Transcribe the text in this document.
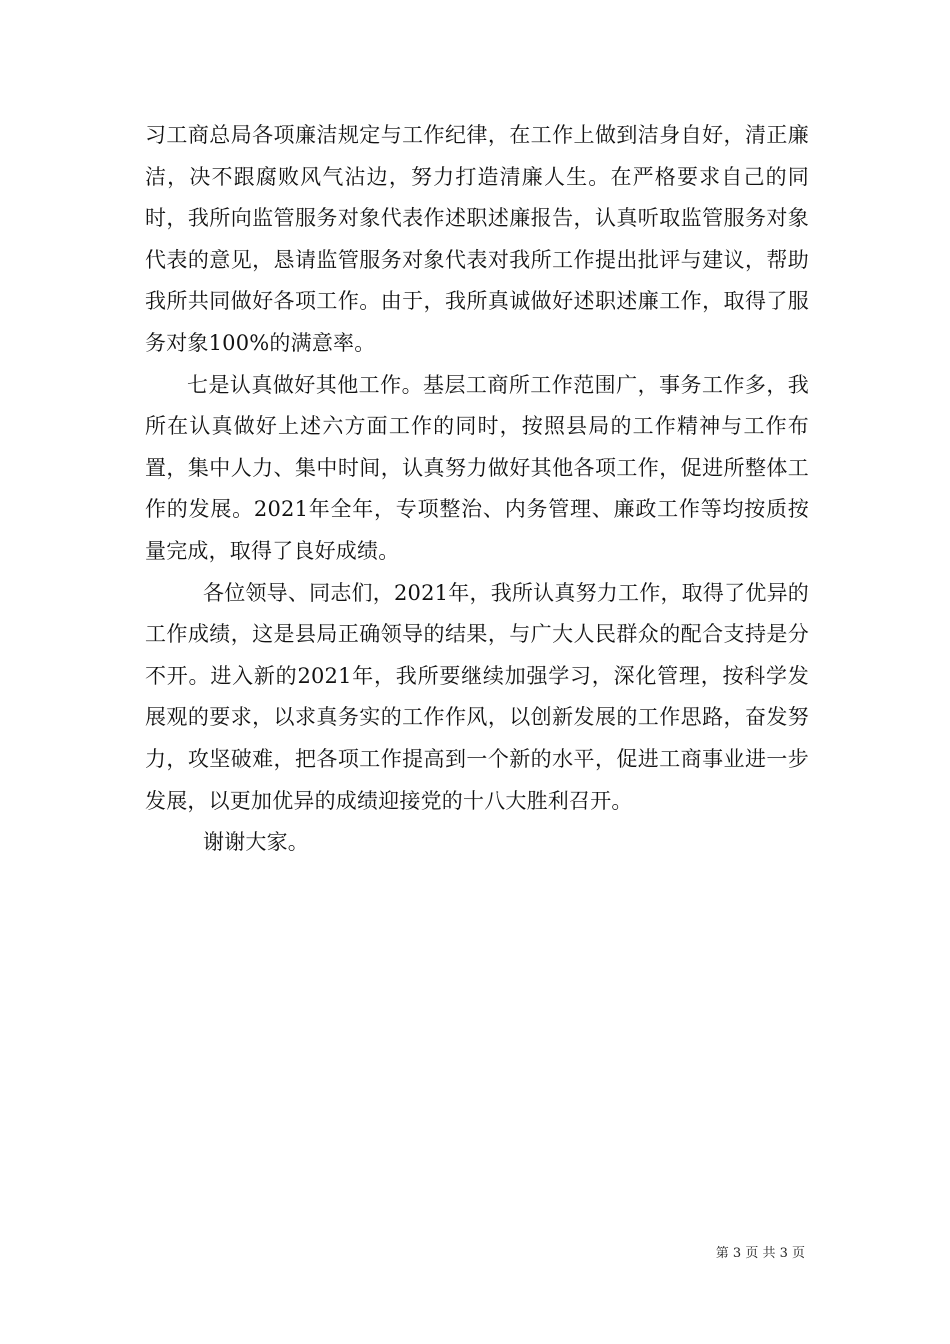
习工商总局各项廉洁规定与工作纪律，在工作上做到洁身自好，清正廉洁，决不跟腐败风气沾边，努力打造清廉人生。在严格要求自己的同时，我所向监管服务对象代表作述职述廉报告，认真听取监管服务对象代表的意见，恳请监管服务对象代表对我所工作提出批评与建议，帮助我所共同做好各项工作。由于，我所真诚做好述职述廉工作，取得了服务对象100%的满意率。

七是认真做好其他工作。基层工商所工作范围广，事务工作多，我所在认真做好上述六方面工作的同时，按照县局的工作精神与工作布置，集中人力、集中时间，认真努力做好其他各项工作，促进所整体工作的发展。2021年全年，专项整治、内务管理、廉政工作等均按质按量完成，取得了良好成绩。

各位领导、同志们，2021年，我所认真努力工作，取得了优异的工作成绩，这是县局正确领导的结果，与广大人民群众的配合支持是分不开。进入新的2021年，我所要继续加强学习，深化管理，按科学发展观的要求，以求真务实的工作作风，以创新发展的工作思路，奋发努力，攻坚破难，把各项工作提高到一个新的水平，促进工商事业进一步发展，以更加优异的成绩迎接党的十八大胜利召开。

谢谢大家。

第 3 页 共 3 页
